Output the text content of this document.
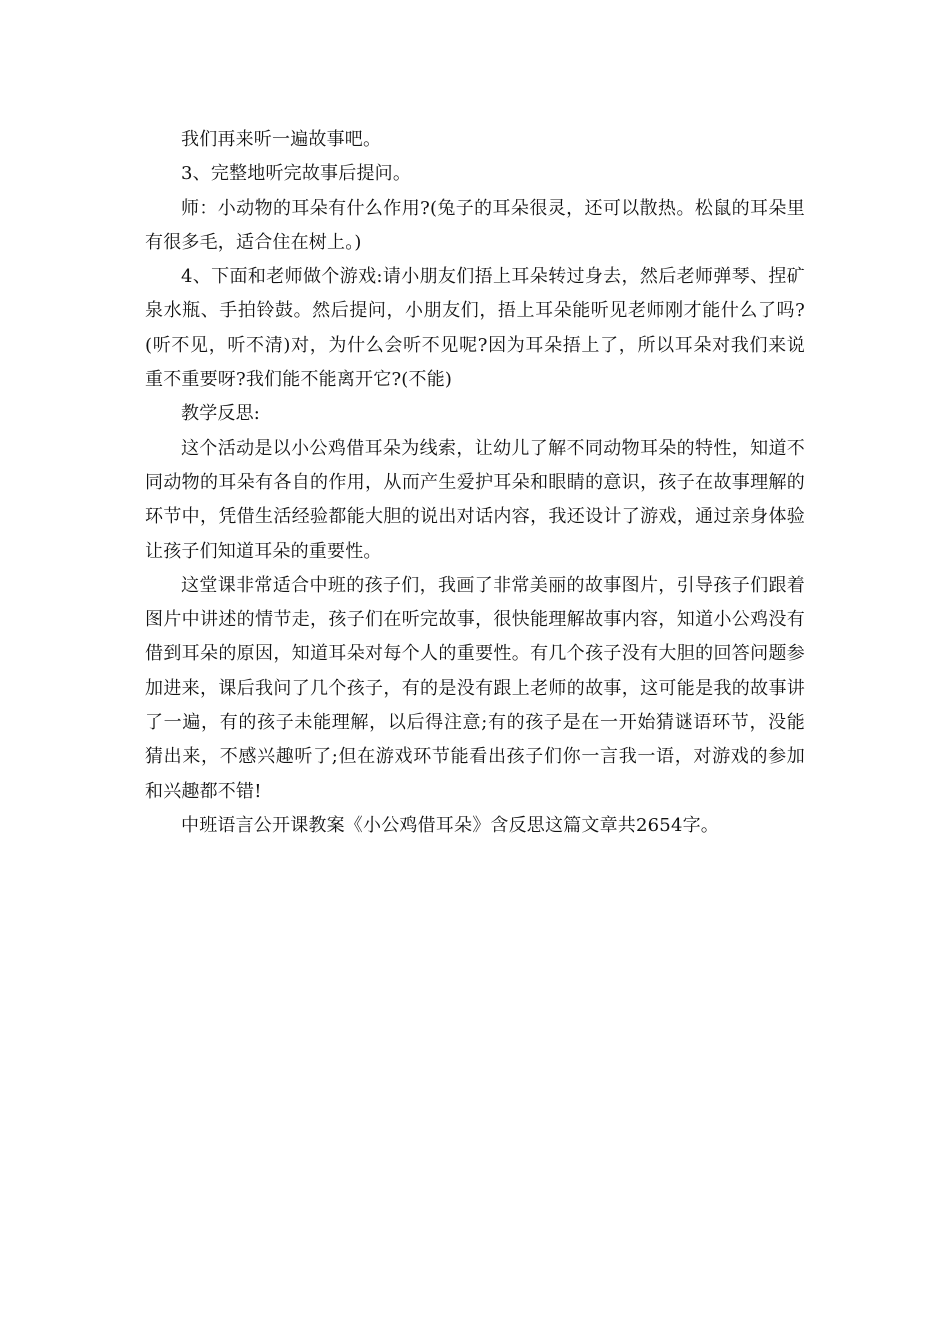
我们再来听一遍故事吧。

3、完整地听完故事后提问。

师：小动物的耳朵有什么作用?(兔子的耳朵很灵，还可以散热。松鼠的耳朵里有很多毛，适合住在树上。)

4、下面和老师做个游戏:请小朋友们捂上耳朵转过身去，然后老师弹琴、捏矿泉水瓶、手拍铃鼓。然后提问，小朋友们，捂上耳朵能听见老师刚才能什么了吗?(听不见，听不清)对，为什么会听不见呢?因为耳朵捂上了，所以耳朵对我们来说重不重要呀?我们能不能离开它?(不能)

教学反思:

这个活动是以小公鸡借耳朵为线索，让幼儿了解不同动物耳朵的特性，知道不同动物的耳朵有各自的作用，从而产生爱护耳朵和眼睛的意识，孩子在故事理解的环节中，凭借生活经验都能大胆的说出对话内容，我还设计了游戏，通过亲身体验让孩子们知道耳朵的重要性。

这堂课非常适合中班的孩子们，我画了非常美丽的故事图片，引导孩子们跟着图片中讲述的情节走，孩子们在听完故事，很快能理解故事内容，知道小公鸡没有借到耳朵的原因，知道耳朵对每个人的重要性。有几个孩子没有大胆的回答问题参加进来，课后我问了几个孩子，有的是没有跟上老师的故事，这可能是我的故事讲了一遍，有的孩子未能理解，以后得注意;有的孩子是在一开始猜谜语环节，没能猜出来，不感兴趣听了;但在游戏环节能看出孩子们你一言我一语，对游戏的参加和兴趣都不错!

中班语言公开课教案《小公鸡借耳朵》含反思这篇文章共2654字。
